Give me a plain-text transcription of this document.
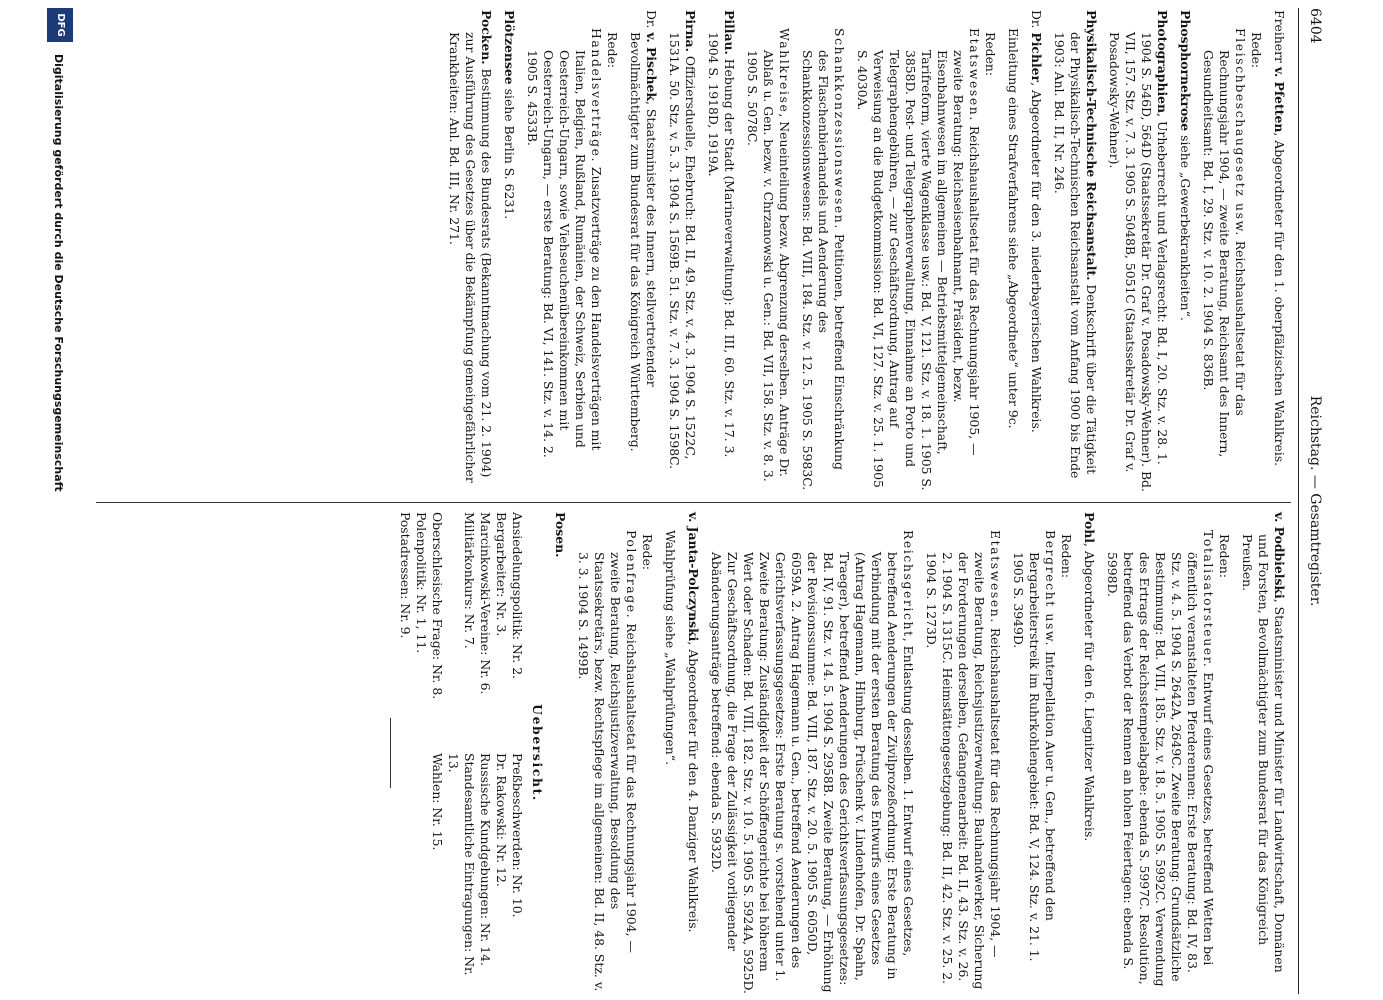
6404
Reichstag. — Gesamtregister.
Freiherr v. Pfetten, Abgeordneter für den 1. oberpfälzischen Wahlkreis.
Rede:
Fleischbeschaugesetz usw. Reichshaushaltsetat für das Rechnungsjahr 1904, — zweite Beratung, Reichsamt des Innern, Gesundheitsamt: Bd. I, 29. Stz. v. 10. 2. 1904 S. 836B.
Phosphornekrose siehe „Gewerbekrankheiten“.
Photographien, Urheberrecht und Verlagsrecht: Bd. I, 20. Stz. v. 28. 1. 1904 S. 546D, 564D (Staatssekretär Dr. Graf v. Posadowsky-Wehner). Bd. VII, 157. Stz. v. 7. 3. 1905 S. 5048B, 5051C (Staatssekretär Dr. Graf v. Posadowsky-Wehner).
Physikalisch-Technische Reichsanstalt. Denkschrift über die Tätigkeit der Physikalisch-Technischen Reichsanstalt vom Anfang 1900 bis Ende 1903: Anl. Bd. II, Nr. 246.
Dr. Pichler, Abgeordneter für den 3. niederbayerischen Wahlkreis.
Einleitung eines Strafverfahrens siehe „Abgeordnete“ unter 9c.
Reden:
Etatswesen. Reichshaushaltsetat für das Rechnungsjahr 1905, — zweite Beratung: Reichseisenbahnamt, Präsident, bezw. Eisenbahnwesen im allgemeinen — Betriebsmittelgemeinschaft, Tarifreform, vierte Wagenklasse usw.: Bd. V, 121. Stz. v. 18. 1. 1905 S. 3858D. Post- und Telegraphenverwaltung, Einnahme an Porto und Telegraphengebühren, — zur Geschäftsordnung, Antrag auf Verweisung an die Budgetkommission: Bd. VI, 127. Stz. v. 25. 1. 1905 S. 4030A.
Schankkonzessionswesen. Petitionen, betreffend Einschränkung des Flaschenbierhandels und Aenderung des Schankkonzessionswesens: Bd. VIII, 184. Stz. v. 12. 5. 1905 S. 5983C.
Wahlkreise, Neueinteilung bezw. Abgrenzung derselben. Anträge Dr. Ablaß u. Gen. bezw. v. Chrzanowski u. Gen.: Bd. VII, 158. Stz. v. 8. 3. 1905 S. 5078C.
Pillau. Hebung der Stadt (Marineverwaltung): Bd. III, 60. Stz. v. 17. 3. 1904 S. 1918D, 1919A.
Pirna. Offiziersduelle, Ehebruch: Bd. II, 49. Stz. v. 4. 3. 1904 S. 1522C, 1531A. 50. Stz. v. 5. 3. 1904 S. 1569B. 51. Stz. v. 7. 3. 1904 S. 1598C.
Dr. v. Pischek, Staatsminister des Innern, stellvertretender Bevollmächtigter zum Bundesrat für das Königreich Württemberg.
Rede:
Handelsverträge. Zusatzverträge zu den Handelsverträgen mit Italien, Belgien, Rußland, Rumänien, der Schweiz, Serbien und Oesterreich-Ungarn, sowie Viehseuchenübereinkommen mit Oesterreich-Ungarn, — erste Beratung: Bd. VI, 141. Stz. v. 14. 2. 1905 S. 4533B.
Plötzensee siehe Berlin S. 6231.
Pocken. Bestimmung des Bundesrats (Bekanntmachung vom 21. 2. 1904) zur Ausführung des Gesetzes über die Bekämpfung gemeingefährlicher Krankheiten: Anl. Bd. III, Nr. 271.
v. Podbielski, Staatsminister und Minister für Landwirtschaft, Domänen und Forsten, Bevollmächtigter zum Bundesrat für das Königreich Preußen.
Reden:
Totalisatorsteuer. Entwurf eines Gesetzes, betreffend Wetten bei öffentlich veranstalteten Pferderennen: Erste Beratung: Bd. IV, 83. Stz. v. 4. 5. 1904 S. 2642A, 2649C. Zweite Beratung: Grundsätzliche Bestimmung: Bd. VIII, 185. Stz. v. 18. 5. 1905 S. 5992C. Verwendung des Ertrags der Reichsstempelabgabe: ebenda S. 5997C. Resolution, betreffend das Verbot der Rennen an hohen Feiertagen: ebenda S. 5998D.
Pohl, Abgeordneter für den 6. Liegnitzer Wahlkreis.
Reden:
Bergrecht usw. Interpellation Auer u. Gen., betreffend den Bergarbeiterstreik im Ruhrkohlengebiet: Bd. V, 124. Stz. v. 21. 1. 1905 S. 3949D.
Etatswesen. Reichshaushaltsetat für das Rechnungsjahr 1904, — zweite Beratung, Reichsjustizverwaltung: Bauhandwerker, Sicherung der Forderungen derselben, Gefangenenarbeit: Bd. II, 43. Stz. v. 26. 2. 1904 S. 1315C. Heimstättengesetzgebung: Bd. II, 42. Stz. v. 25. 2. 1904 S. 1273D.
Reichsgericht, Entlastung desselben. 1. Entwurf eines Gesetzes, betreffend Aenderungen der Zivilprozeßordnung: Erste Beratung in Verbindung mit der ersten Beratung des Entwurfs eines Gesetzes (Antrag Hagemann, Himburg, Prüschenk v. Lindenhofen, Dr. Spahn, Traeger), betreffend Aenderungen des Gerichtsverfassungsgesetzes: Bd. IV, 91. Stz. v. 14. 5. 1904 S. 2958B. Zweite Beratung, — Erhöhung der Revisionssumme: Bd. VIII, 187. Stz. v. 20. 5. 1905 S. 6050D, 6059A. 2. Antrag Hagemann u. Gen., betreffend Aenderungen des Gerichtsverfassungsgesetzes: Erste Beratung s. vorstehend unter 1. Zweite Beratung: Zuständigkeit der Schöffengerichte bei höherem Wert oder Schaden: Bd. VIII, 182. Stz. v. 10. 5. 1905 S. 5924A, 5925D. Zur Geschäftsordnung, die Frage der Zulässigkeit vorliegender Abänderungsanträge betreffend: ebenda S. 5932D.
v. Janta-Polczynski, Abgeordneter für den 4. Danziger Wahlkreis.
Wahlprüfung siehe „Wahlprüfungen“.
Rede:
Polenfrage. Reichshaushaltsetat für das Rechnungsjahr 1904, — zweite Beratung, Reichsjustizverwaltung, Besoldung des Staatssekretärs, bezw. Rechtspflege im allgemeinen: Bd. II, 48. Stz. v. 3. 3. 1904 S. 1499B.
Posen.
Uebersicht.
Ansiedelungspolitik: Nr. 2.
Preßbeschwerden: Nr. 10.
Bergarbeiter: Nr. 3.
Dr. Rakowski: Nr. 12.
Marcinkowski-Vereine: Nr. 6.
Russische Kundgebungen: Nr. 14.
Militärkonkurs: Nr. 7.
Standesamtliche Eintragungen: Nr. 13.
Oberschlesische Frage: Nr. 8.
Wahlen: Nr. 15.
Polenpolitik: Nr. 1, 11.
Postadressen: Nr. 9.
Digitalisierung gefördert durch die Deutsche Forschungsgemeinschaft
DFG
